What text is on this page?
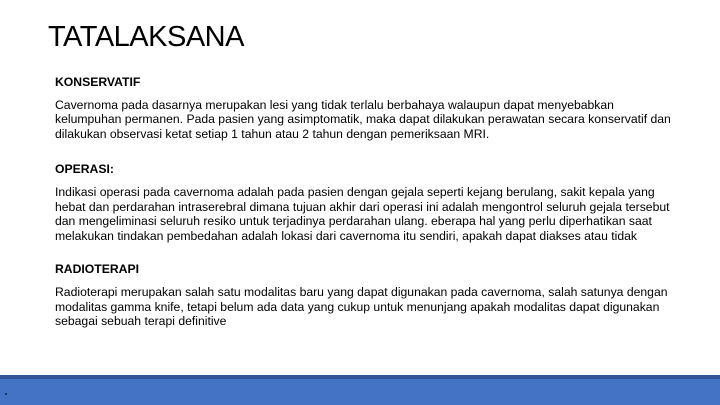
TATALAKSANA

KONSERVATIF

Cavernoma pada dasarnya merupakan lesi yang tidak terlalu berbahaya walaupun dapat menyebabkan kelumpuhan permanen. Pada pasien yang asimptomatik, maka dapat dilakukan perawatan secara konservatif dan dilakukan observasi ketat setiap 1 tahun atau 2 tahun dengan pemeriksaan MRI.

OPERASI:

Indikasi operasi pada cavernoma adalah pada pasien dengan gejala seperti kejang berulang, sakit kepala yang hebat dan perdarahan intraserebral dimana tujuan akhir dari operasi ini adalah mengontrol seluruh gejala tersebut dan mengeliminasi seluruh resiko untuk terjadinya perdarahan ulang. eberapa hal yang perlu diperhatikan saat melakukan tindakan pembedahan adalah lokasi dari cavernoma itu sendiri, apakah dapat diakses atau tidak

RADIOTERAPI

Radioterapi merupakan salah satu modalitas baru yang dapat digunakan pada cavernoma, salah satunya dengan modalitas gamma knife, tetapi belum ada data yang cukup untuk menunjang apakah modalitas dapat digunakan sebagai sebuah terapi definitive
